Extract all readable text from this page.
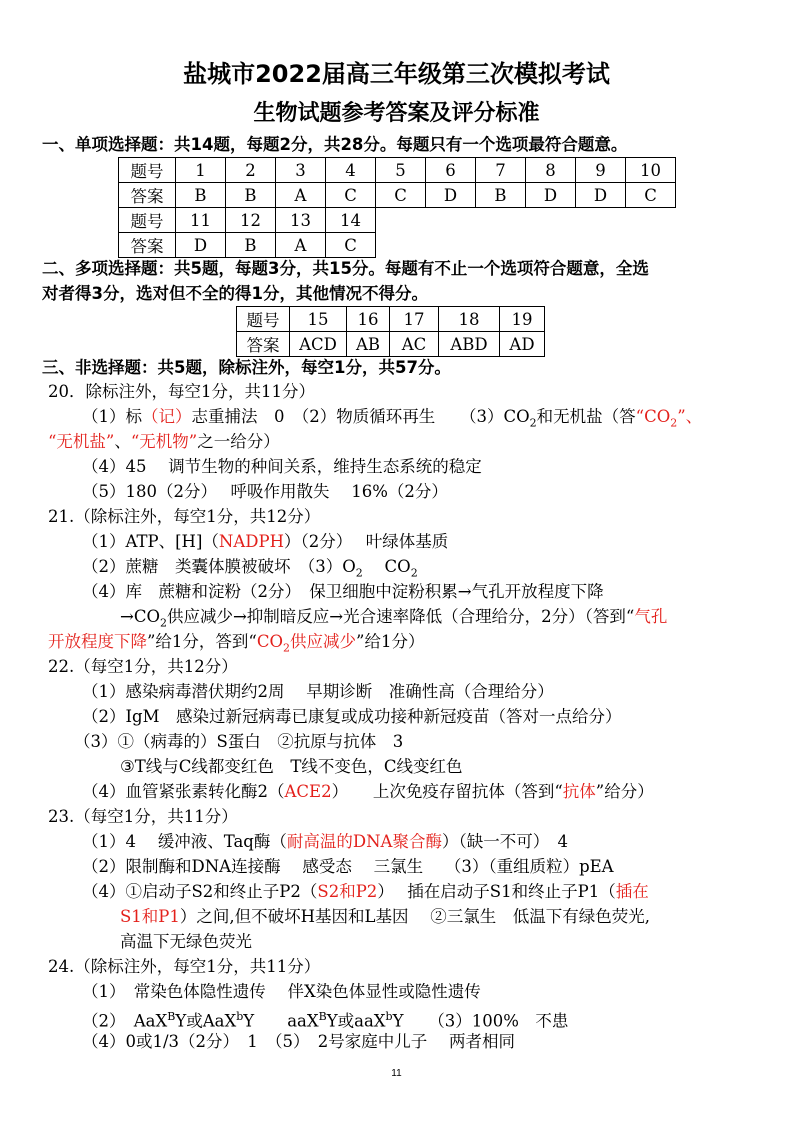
盐城市2022届高三年级第三次模拟考试
生物试题参考答案及评分标准
一、单项选择题：共14题，每题2分，共28分。每题只有一个选项最符合题意。
题号	1	2	3	4	5	6	7	8	9	10
答案	B	B	A	C	C	D	B	D	D	C
题号	11	12	13	14						
答案	D	B	A	C						
二、多项选择题：共5题，每题3分，共15分。每题有不止一个选项符合题意，全选
对者得3分，选对但不全的得1分，其他情况不得分。
题号	15	16	17	18	19
答案	ACD	AB	AC	ABD	AD
三、非选择题：共5题，除标注外，每空1分，共57分。
20．除标注外，每空1分，共11分）
（1）标（记）志重捕法　0　（2）物质循环再生　　$(3)CO_2$和无机盐（答“$CO_2$”、
“无机盐”、“无机物”之一给分）
（4）45　 调节生物的种间关系，维持生态系统的稳定
（5）180（2分）　 呼吸作用散失　 16%（2分）
21.（除标注外，每空1分，共12分）
（1）ATP、[H]（NADPH）（2分）　 叶绿体基质
（2）蔗糖　类囊体膜被破坏　$(3)O_2$　 $CO_2$
（4）库　蔗糖和淀粉（2分）　保卫细胞中淀粉积累→气孔开放程度下降
$\to CO_2$供应减少→抑制暗反应→光合速率降低（合理给分，2分）（答到“气孔
开放程度下降”给1分，答到“$CO_2$供应减少”给1分）
22.（每空1分，共12分）
（1）感染病毒潜伏期约2周　 早期诊断　准确性高（合理给分）
（2）IgM　感染过新冠病毒已康复或成功接种新冠疫苗（答对一点给分）
（3）①（病毒的）S蛋白　②抗原与抗体　3
③T线与C线都变红色　T线不变色，C线变红色
（4）血管紧张素转化酶2（ACE2）　　上次免疫存留抗体（答到“抗体”给分）
23.（每空1分，共11分）
（1）4　 缓冲液、Taq酶（耐高温的DNA聚合酶）（缺一不可）　4
（2）限制酶和DNA连接酶　 感受态　 三氯生　 （3）（重组质粒）pEA
（4）①启动子S2和终止子P2（S2和P2）　 插在启动子S1和终止子P1（插在
S1和P1）之间,但不破坏H基因和L基因　 ②三氯生　低温下有绿色荧光,
高温下无绿色荧光
24.（除标注外，每空1分，共11分）
（1）　常染色体隐性遗传　 伴X染色体显性或隐性遗传
（2）　AaX$^B$Y或AaX$^b$Y　　aaX$^B$Y或aaX$^b$Y　　（3）100%　不患
（4）0或1/3（2分）　1　（5）　2号家庭中儿子　 两者相同
11
